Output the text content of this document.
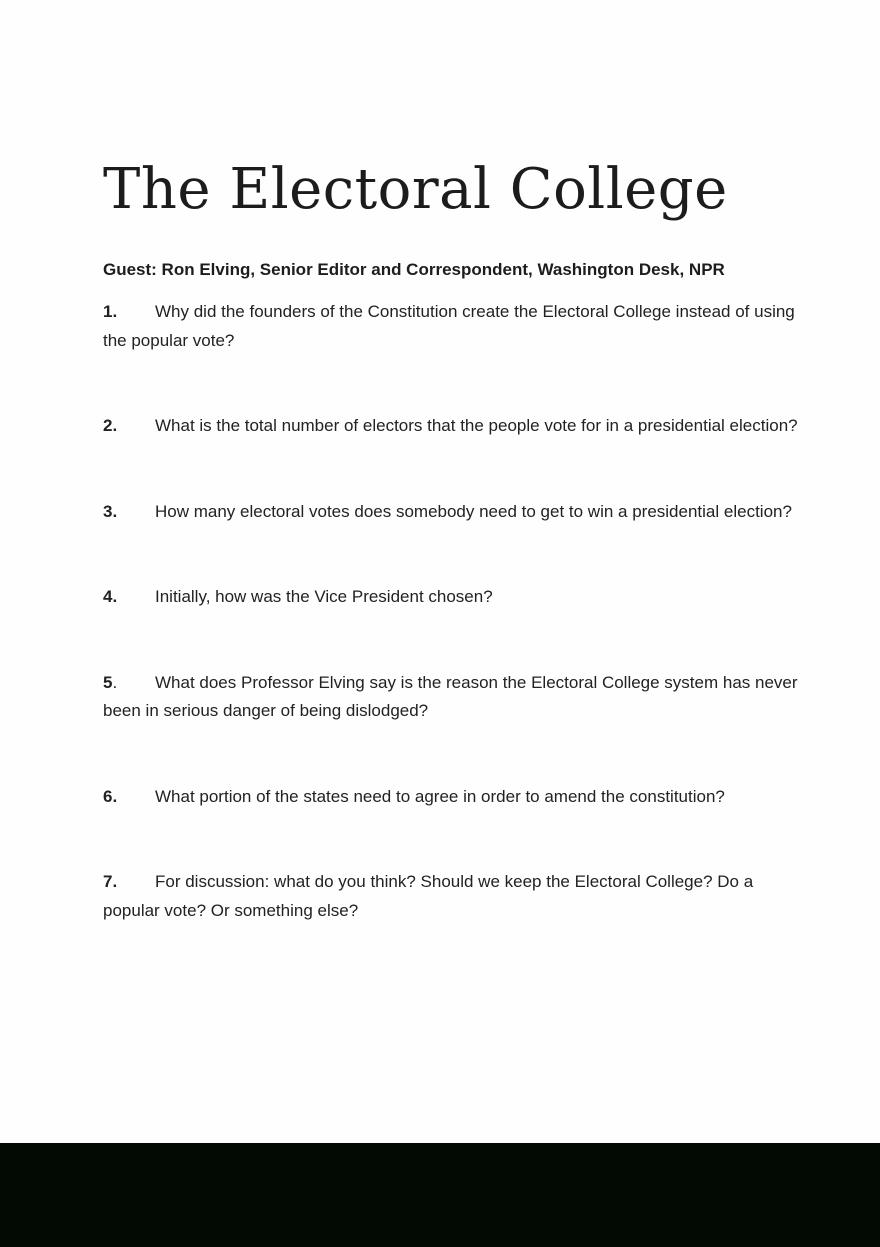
The Electoral College

Guest: Ron Elving, Senior Editor and Correspondent, Washington Desk, NPR

1. Why did the founders of the Constitution create the Electoral College instead of using the popular vote?

2. What is the total number of electors that the people vote for in a presidential election?

3. How many electoral votes does somebody need to get to win a presidential election?

4. Initially, how was the Vice President chosen?

5. What does Professor Elving say is the reason the Electoral College system has never been in serious danger of being dislodged?

6. What portion of the states need to agree in order to amend the constitution?

7. For discussion: what do you think? Should we keep the Electoral College? Do a popular vote? Or something else?
